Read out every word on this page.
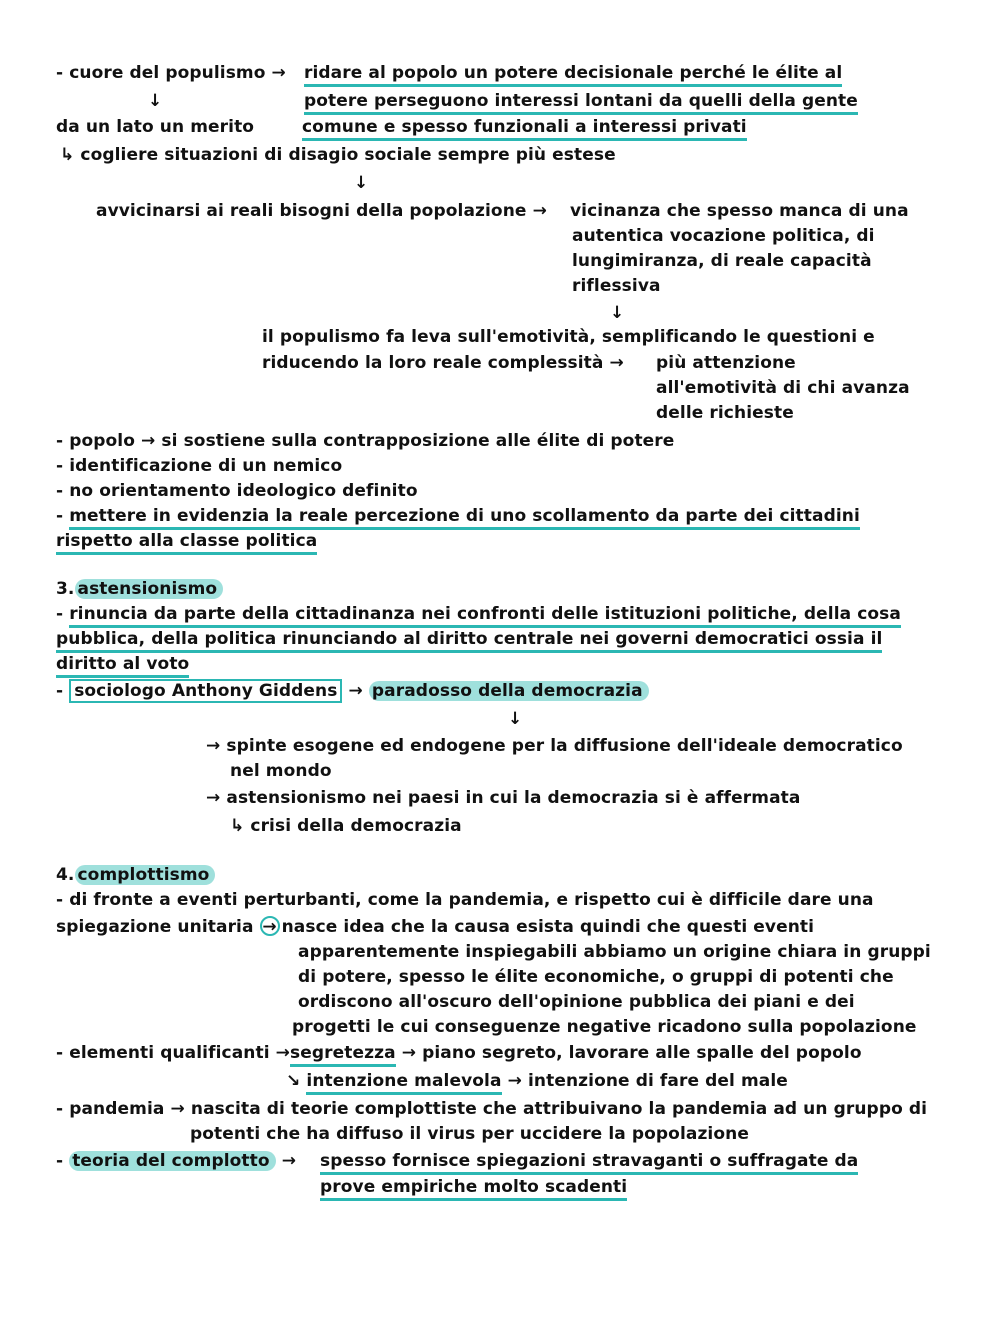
- cuore del populismo → ridare al popolo un potere decisionale perché le élite al
↓	potere perseguono interessi lontani da quelli della gente
da un lato un merito	comune e spesso funzionali a interessi privati
↳ cogliere situazioni di disagio sociale sempre più estese
↓
avvicinarsi ai reali bisogni della popolazione → vicinanza che spesso manca di una
autentica vocazione politica, di
lungimiranza, di reale capacità
riflessiva
↓
il populismo fa leva sull'emotività, semplificando le questioni e
riducendo la loro reale complessità → più attenzione
all'emotività di chi avanza
delle richieste
- popolo → si sostiene sulla contrapposizione alle élite di potere
- identificazione di un nemico
- no orientamento ideologico definito
- mettere in evidenzia la reale percezione di uno scollamento da parte dei cittadini
rispetto alla classe politica
3. astensionismo
- rinuncia da parte della cittadinanza nei confronti delle istituzioni politiche, della cosa
pubblica, della politica rinunciando al diritto centrale nei governi democratici ossia il
diritto al voto
- sociologo Anthony Giddens → paradosso della democrazia
↓
→ spinte esogene ed endogene per la diffusione dell'ideale democratico
nel mondo
→ astensionismo nei paesi in cui la democrazia si è affermata
↳ crisi della democrazia
4. complottismo
- di fronte a eventi perturbanti, come la pandemia, e rispetto cui è difficile dare una
spiegazione unitaria → nasce idea che la causa esista quindi che questi eventi
apparentemente inspiegabili abbiamo un origine chiara in gruppi
di potere, spesso le élite economiche, o gruppi di potenti che
ordiscono all'oscuro dell'opinione pubblica dei piani e dei
progetti le cui conseguenze negative ricadono sulla popolazione
- elementi qualificanti →segretezza → piano segreto, lavorare alle spalle del popolo
↘ intenzione malevola → intenzione di fare del male
- pandemia → nascita di teorie complottiste che attribuivano la pandemia ad un gruppo di
potenti che ha diffuso il virus per uccidere la popolazione
- teoria del complotto → spesso fornisce spiegazioni stravaganti o suffragate da
prove empiriche molto scadenti
